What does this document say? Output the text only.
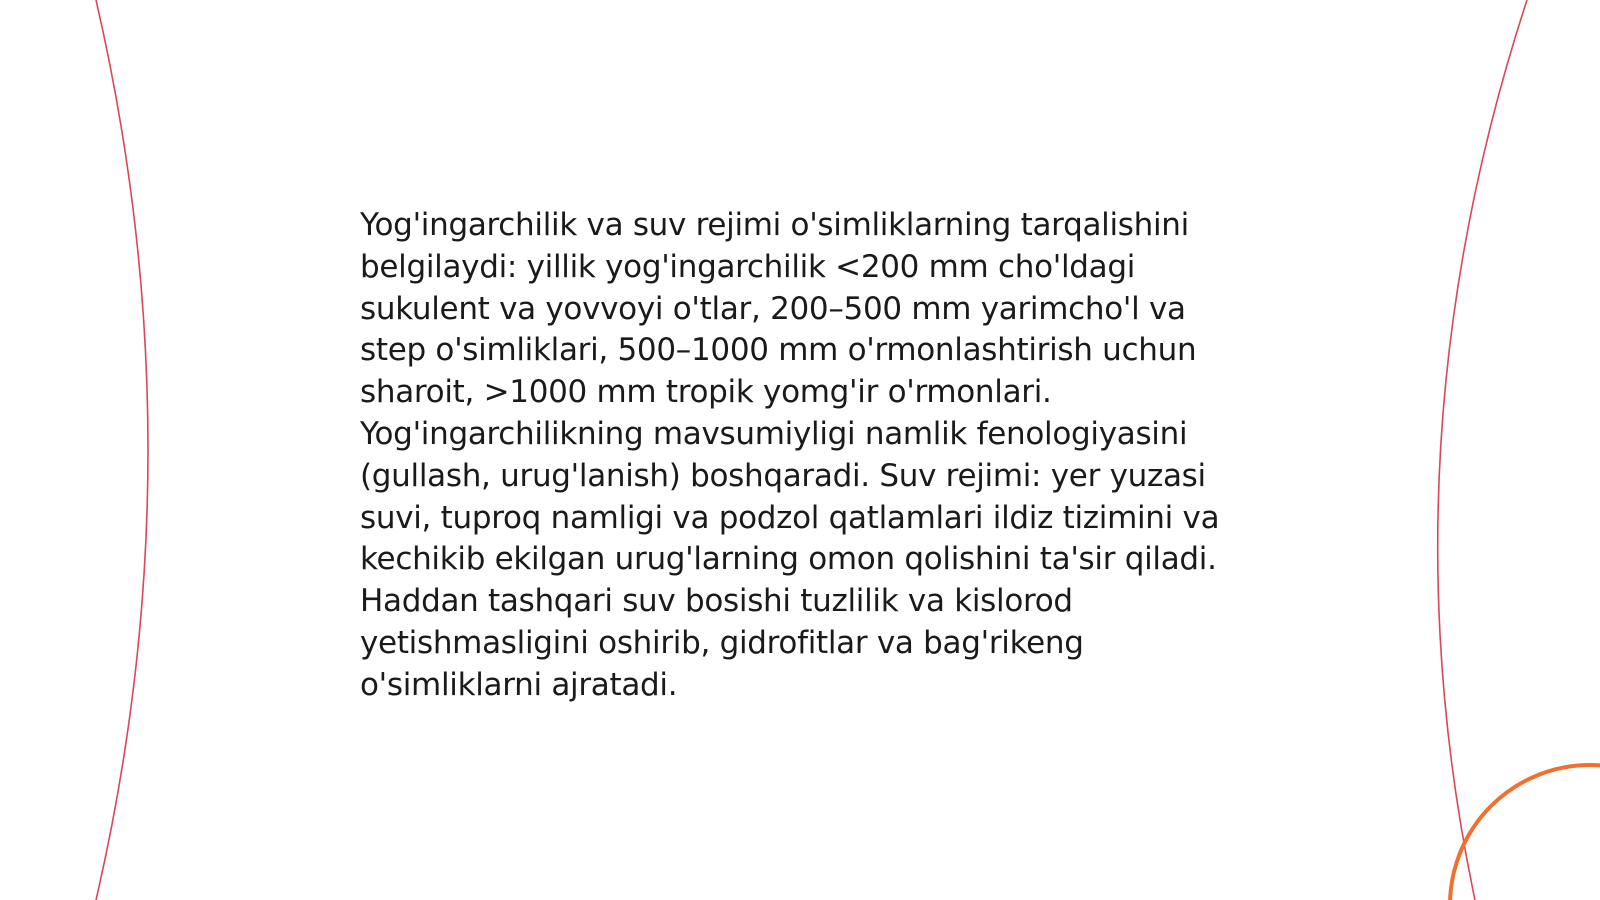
Yog'ingarchilik va suv rejimi o'simliklarning tarqalishini belgilaydi: yillik yog'ingarchilik <200 mm cho'ldagi sukulent va yovvoyi o'tlar, 200–500 mm yarimcho'l va step o'simliklari, 500–1000 mm o'rmonlashtirish uchun sharoit, >1000 mm tropik yomg'ir o'rmonlari. Yog'ingarchilikning mavsumiyligi namlik fenologiyasini (gullash, urug'lanish) boshqaradi. Suv rejimi: yer yuzasi suvi, tuproq namligi va podzol qatlamlari ildiz tizimini va kechikib ekilgan urug'larning omon qolishini ta'sir qiladi. Haddan tashqari suv bosishi tuzlilik va kislorod yetishmasligini oshirib, gidrofitlar va bag'rikeng o'simliklarni ajratadi.
